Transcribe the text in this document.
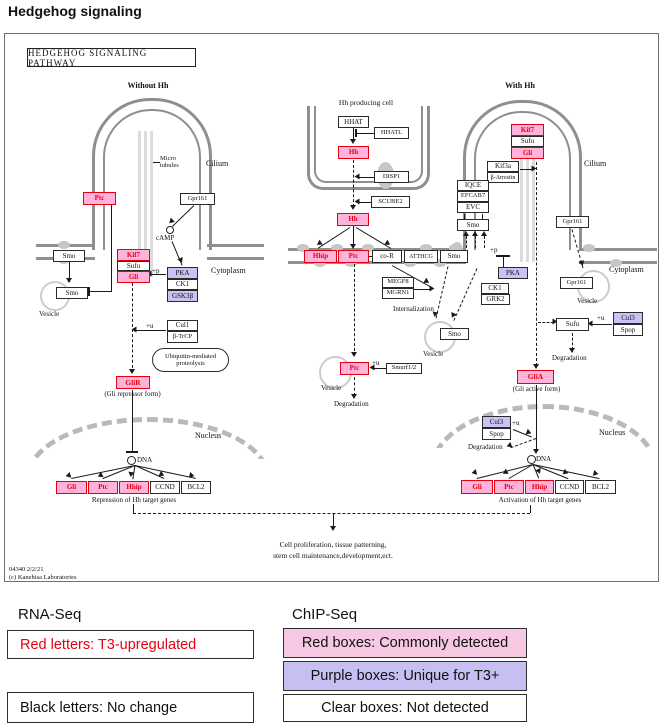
Hedgehog signaling
HEDGEHOG SIGNALING PATHWAY
Without Hh	With Hh
Hh producing cell
Ptc	Gpr161
Smo
Smo
Kif7
Sufu
Gli	PKA
CK1
GSK3β
Cul1
β-TrCP
Ubiquitin-mediated
proteolysis
GliR
Gli	Ptc	Hhip	CCND	BCL2
HHAT
HHATL
Hh
DISP1
SCUBE2
Hh
Hhip	Ptc	co-R	ATTHCG	Smo
MEGF8
MGRN1
Smo
Ptc	Smurf1/2
Kif7
Sufu
Gli
Kif3a
β-Arrestin
IQCE
EFCAB7
EVC
Smo	Gpr161
PKA
CK1
GRK2
Gpr161
Sufu
Cul3
Spop
GliA
Cul3
Spop
Gli	Ptc	Hhip	CCND	BCL2
Micro
tubules	Cilium	Cilium
cAMP
Cytoplasm	Cytoplasm
Vesicle
Vesicle
Vesicle
Vesicle
+p
+p
+u
+u
+u
+u
(Gli repressor form)
(Gli active form)
Internalization
Degradation
Degradation
Degradation
Nucleus	Nucleus
DNA	DNA
Repression of Hh target genes	Activation of Hh target genes
Cell proliferation, tissue patterning,
stem cell maintenance,development,ect.
04340 2/2/21
(c) Kanehisa Laboratories
RNA-Seq
Red letters: T3-upregulated
Black letters: No change
ChIP-Seq
Red boxes: Commonly detected
Purple boxes: Unique for T3+
Clear boxes: Not detected
